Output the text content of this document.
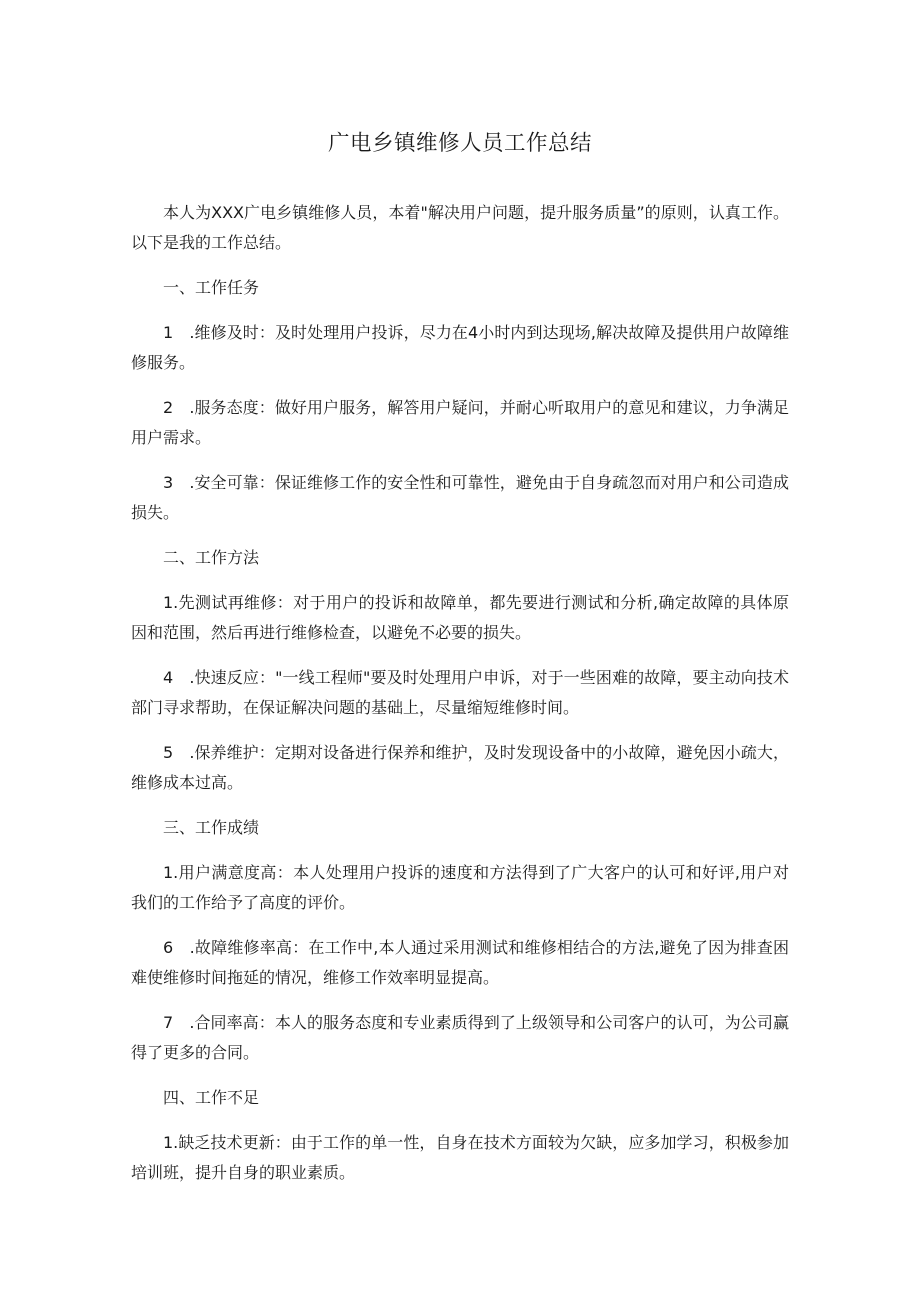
广电乡镇维修人员工作总结

本人为XXX广电乡镇维修人员，本着"解决用户问题，提升服务质量”的原则，认真工作。以下是我的工作总结。

一、工作任务

1　.维修及时：及时处理用户投诉，尽力在4小时内到达现场,解决故障及提供用户故障维修服务。

2　.服务态度：做好用户服务，解答用户疑问，并耐心听取用户的意见和建议，力争满足用户需求。

3　.安全可靠：保证维修工作的安全性和可靠性，避免由于自身疏忽而对用户和公司造成损失。

二、工作方法

1.先测试再维修：对于用户的投诉和故障单，都先要进行测试和分析,确定故障的具体原因和范围，然后再进行维修检查，以避免不必要的损失。

4　.快速反应："一线工程师"要及时处理用户申诉，对于一些困难的故障，要主动向技术部门寻求帮助，在保证解决问题的基础上，尽量缩短维修时间。

5　.保养维护：定期对设备进行保养和维护，及时发现设备中的小故障，避免因小疏大，维修成本过高。

三、工作成绩

1.用户满意度高：本人处理用户投诉的速度和方法得到了广大客户的认可和好评,用户对我们的工作给予了高度的评价。

6　.故障维修率高：在工作中,本人通过采用测试和维修相结合的方法,避免了因为排查困难使维修时间拖延的情况，维修工作效率明显提高。

7　.合同率高：本人的服务态度和专业素质得到了上级领导和公司客户的认可，为公司赢得了更多的合同。

四、工作不足

1.缺乏技术更新：由于工作的单一性，自身在技术方面较为欠缺，应多加学习，积极参加培训班，提升自身的职业素质。
